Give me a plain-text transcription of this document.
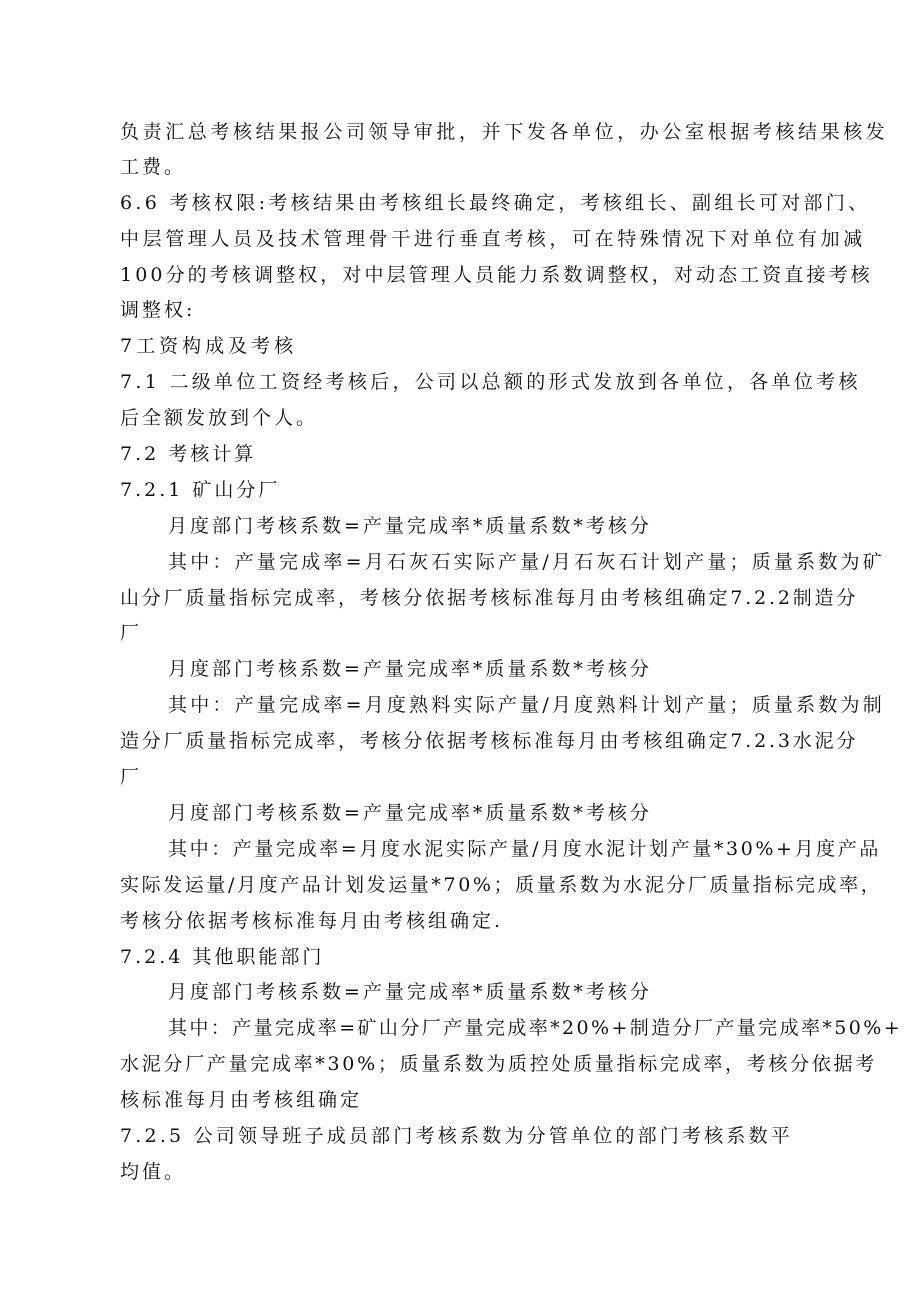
负责汇总考核结果报公司领导审批，并下发各单位，办公室根据考核结果核发
工费。
6.6 考核权限:考核结果由考核组长最终确定，考核组长、副组长可对部门、
中层管理人员及技术管理骨干进行垂直考核，可在特殊情况下对单位有加减
100分的考核调整权，对中层管理人员能力系数调整权，对动态工资直接考核
调整权:
7工资构成及考核
7.1 二级单位工资经考核后，公司以总额的形式发放到各单位，各单位考核
后全额发放到个人。
7.2 考核计算
7.2.1 矿山分厂
月度部门考核系数=产量完成率*质量系数*考核分
其中：产量完成率=月石灰石实际产量/月石灰石计划产量；质量系数为矿
山分厂质量指标完成率，考核分依据考核标准每月由考核组确定7.2.2制造分
厂
月度部门考核系数=产量完成率*质量系数*考核分
其中：产量完成率=月度熟料实际产量/月度熟料计划产量；质量系数为制
造分厂质量指标完成率，考核分依据考核标准每月由考核组确定7.2.3水泥分
厂
月度部门考核系数=产量完成率*质量系数*考核分
其中：产量完成率=月度水泥实际产量/月度水泥计划产量*30%+月度产品
实际发运量/月度产品计划发运量*70%；质量系数为水泥分厂质量指标完成率，
考核分依据考核标准每月由考核组确定.
7.2.4 其他职能部门
月度部门考核系数=产量完成率*质量系数*考核分
其中：产量完成率=矿山分厂产量完成率*20%+制造分厂产量完成率*50%+
水泥分厂产量完成率*30%；质量系数为质控处质量指标完成率，考核分依据考
核标准每月由考核组确定
7.2.5 公司领导班子成员部门考核系数为分管单位的部门考核系数平
均值。
